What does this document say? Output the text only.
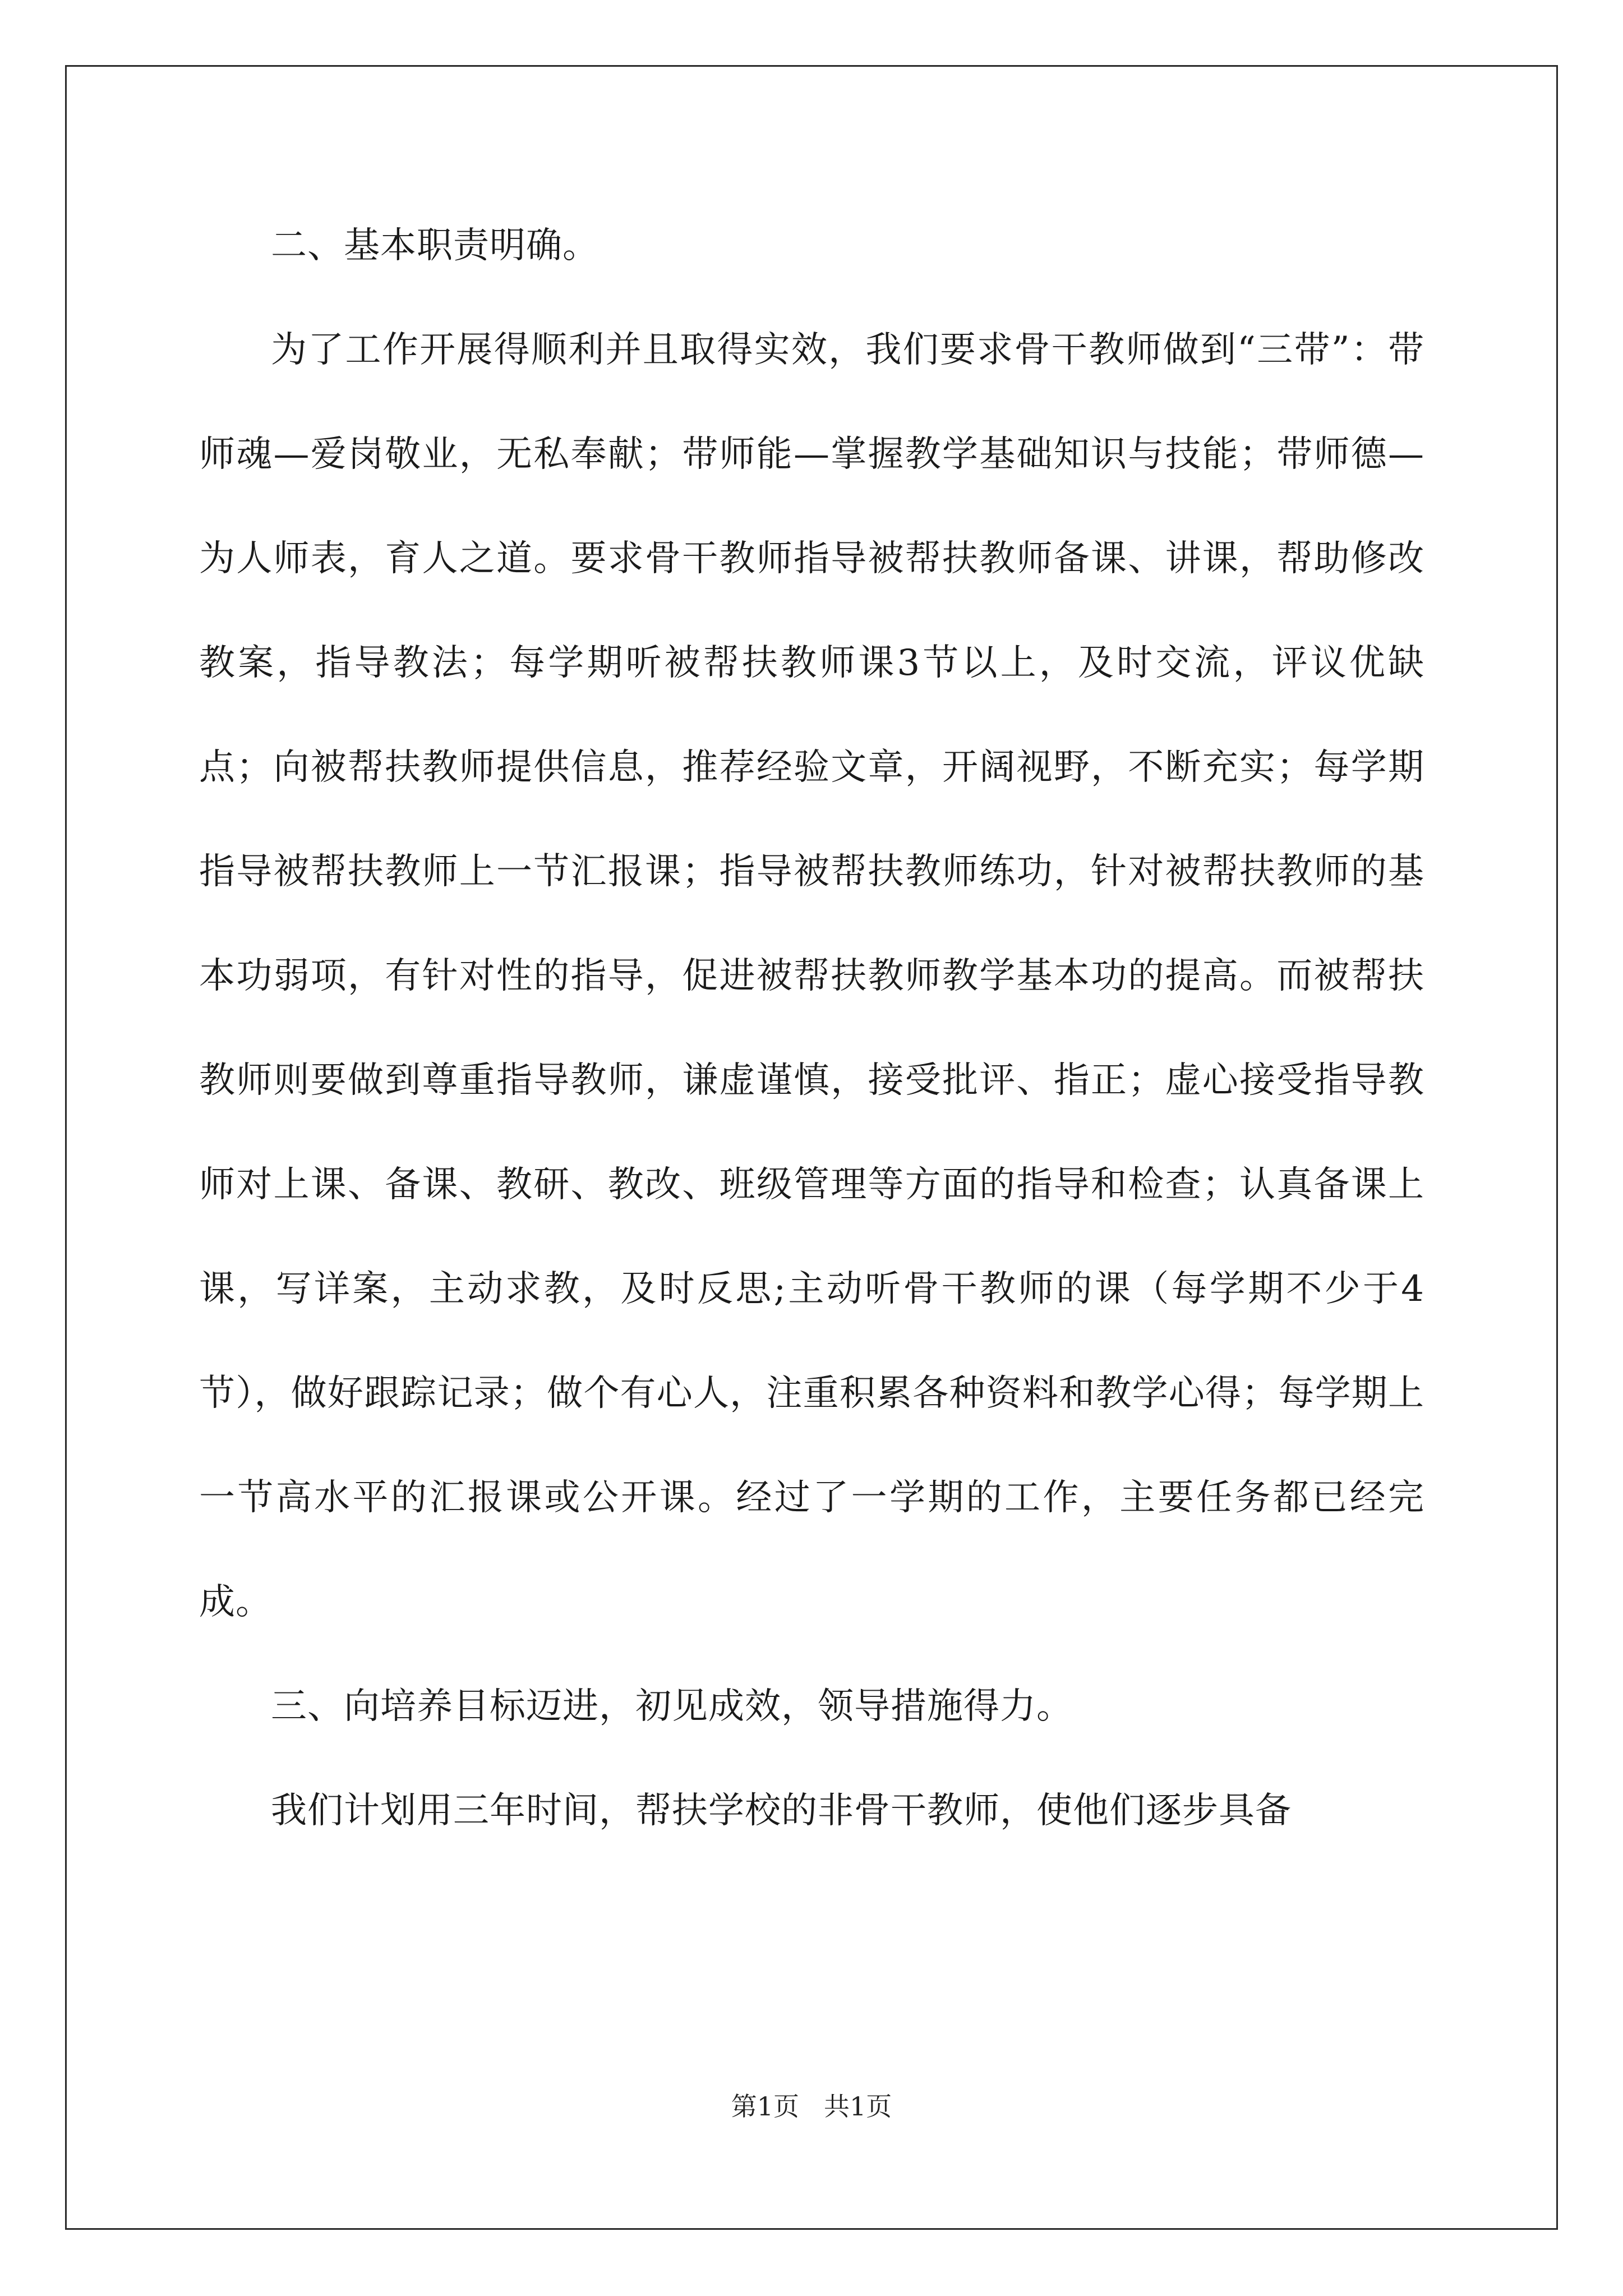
二、基本职责明确。

为了工作开展得顺利并且取得实效，我们要求骨干教师做到“三带”：带师魂—爱岗敬业，无私奉献；带师能—掌握教学基础知识与技能；带师德—为人师表，育人之道。要求骨干教师指导被帮扶教师备课、讲课，帮助修改教案，指导教法；每学期听被帮扶教师课3节以上，及时交流，评议优缺点；向被帮扶教师提供信息，推荐经验文章，开阔视野，不断充实；每学期指导被帮扶教师上一节汇报课；指导被帮扶教师练功，针对被帮扶教师的基本功弱项，有针对性的指导，促进被帮扶教师教学基本功的提高。而被帮扶教师则要做到尊重指导教师，谦虚谨慎，接受批评、指正；虚心接受指导教师对上课、备课、教研、教改、班级管理等方面的指导和检查；认真备课上课，写详案，主动求教，及时反思;主动听骨干教师的课（每学期不少于4节），做好跟踪记录；做个有心人，注重积累各种资料和教学心得；每学期上一节高水平的汇报课或公开课。经过了一学期的工作，主要任务都已经完成。

三、向培养目标迈进，初见成效，领导措施得力。

我们计划用三年时间，帮扶学校的非骨干教师，使他们逐步具备

第1页 共1页
